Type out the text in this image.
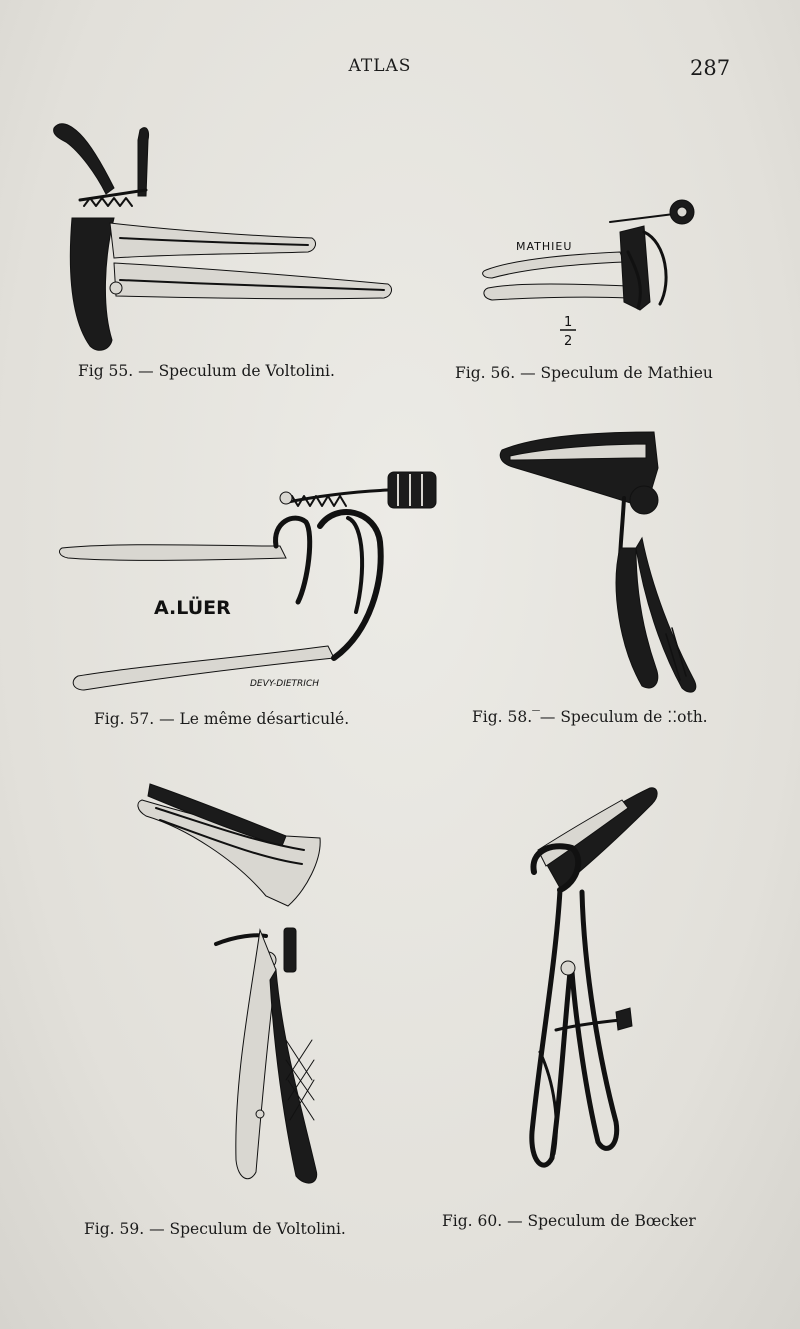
ATLAS	287
Fig 55. — Speculum de Voltolini.
MATHIEU
1
2
Fig. 56. — Speculum de Mathieu
A.LÜER
DEVY-DIETRICH
Fig. 57. — Le même désarticulé.	Fig. 58.‾— Speculum de ⁚⁚oth.
Fig. 59. — Speculum de Voltolini.	Fig. 60. — Speculum de Bœcker
